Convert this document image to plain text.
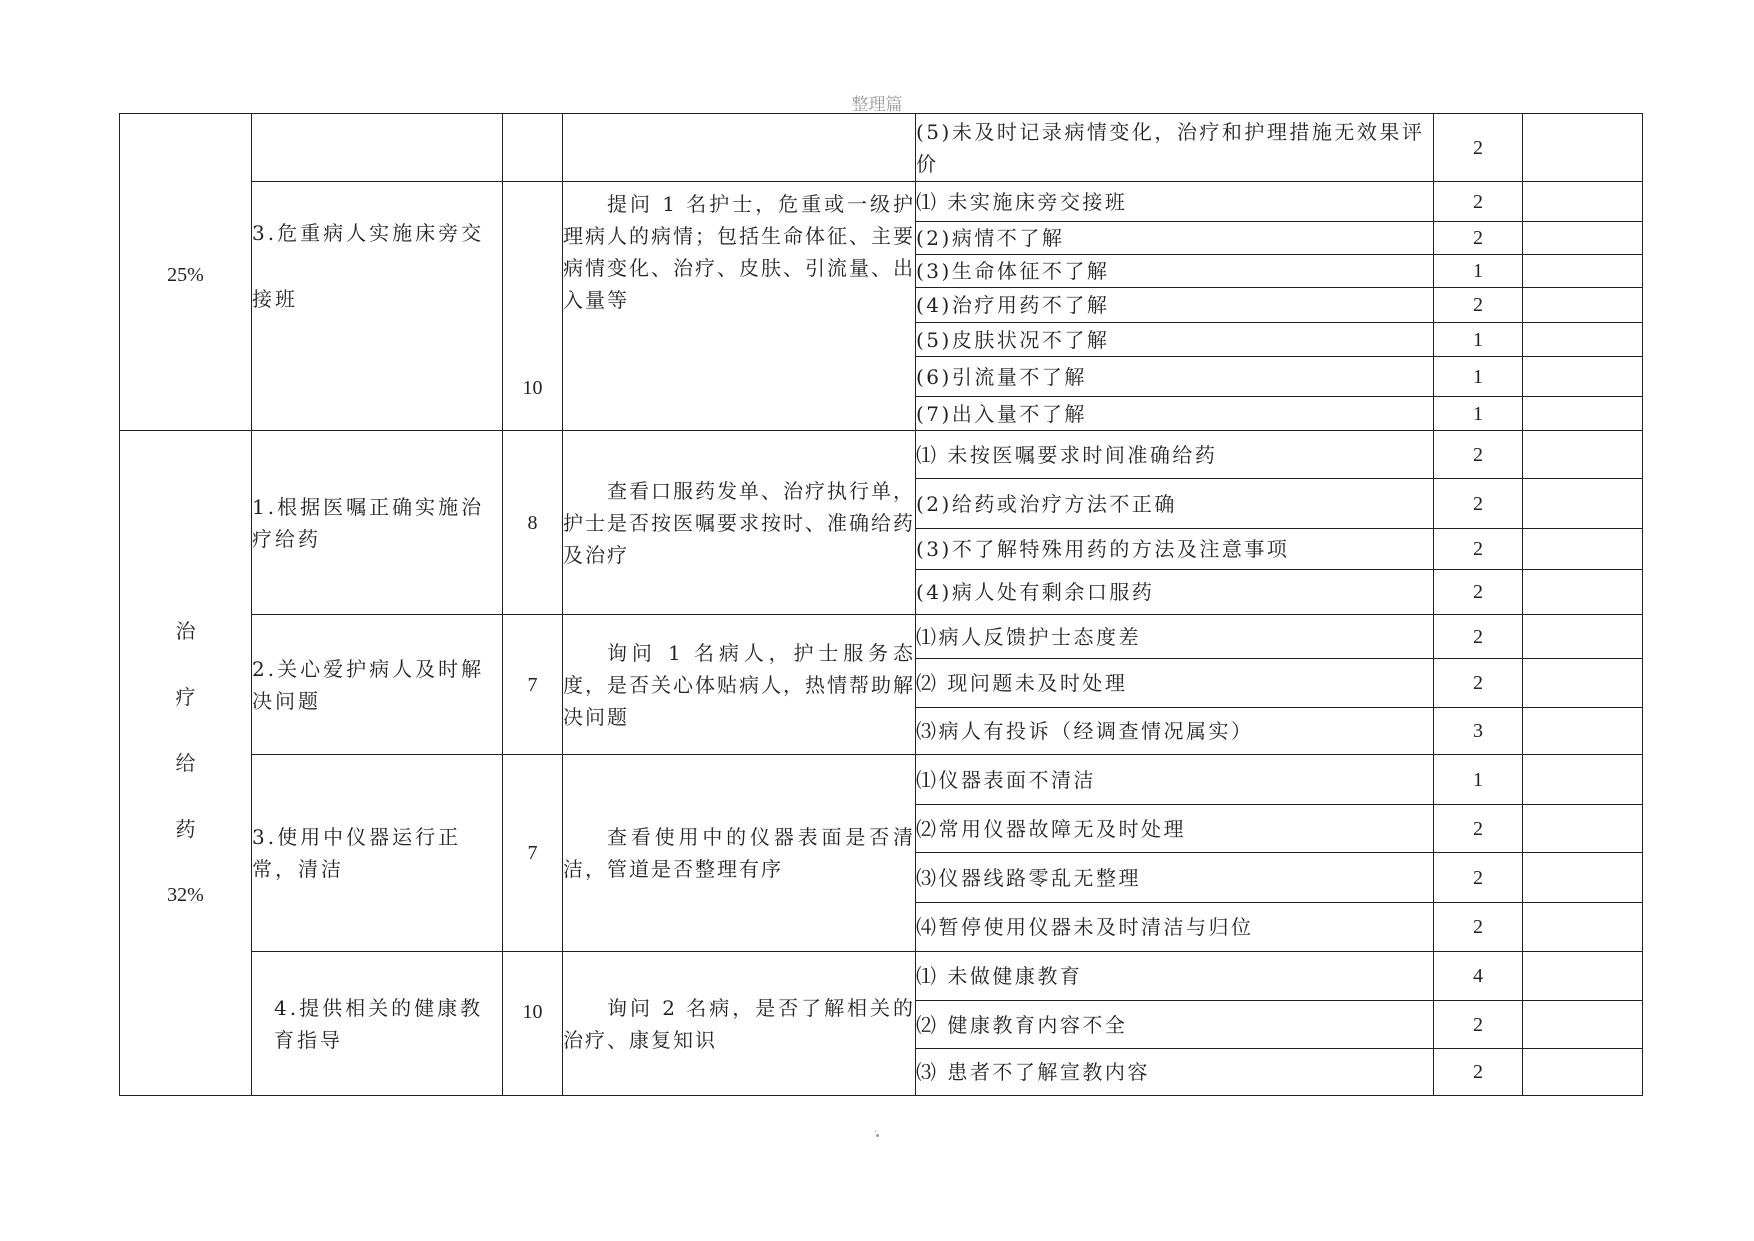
整理篇
25%				(5)未及时记录病情变化，治疗和护理措施无效果评价	2	
	3.危重病人实施床旁交接班	10	提问 1 名护士，危重或一级护理病人的病情；包括生命体征、主要病情变化、治疗、皮肤、引流量、出入量等	⑴ 未实施床旁交接班	2	
				(2)病情不了解	2	
				(3)生命体征不了解	1	
				(4)治疗用药不了解	2	
				(5)皮肤状况不了解	1	
				(6)引流量不了解	1	
				(7)出入量不了解	1	

治
疗
给
药
32%	1.根据医嘱正确实施治疗给药	8	查看口服药发单、治疗执行单，护士是否按医嘱要求按时、准确给药及治疗	⑴ 未按医嘱要求时间准确给药	2	
				(2)给药或治疗方法不正确	2	
				(3)不了解特殊用药的方法及注意事项	2	
				(4)病人处有剩余口服药	2	
	2.关心爱护病人及时解决问题	7	询问 1 名病人，护士服务态度，是否关心体贴病人，热情帮助解决问题	⑴病人反馈护士态度差	2	
				⑵ 现问题未及时处理	2	
				⑶病人有投诉（经调查情况属实）	3	
	3.使用中仪器运行正常，清洁	7	查看使用中的仪器表面是否清洁，管道是否整理有序	⑴仪器表面不清洁	1	
				⑵常用仪器故障无及时处理	2	
				⑶仪器线路零乱无整理	2	
				⑷暂停使用仪器未及时清洁与归位	2	
	4.提供相关的健康教育指导	10	询问 2 名病，是否了解相关的治疗、康复知识	⑴ 未做健康教育	4	
				⑵ 健康教育内容不全	2	
				⑶ 患者不了解宣教内容	2	
.
